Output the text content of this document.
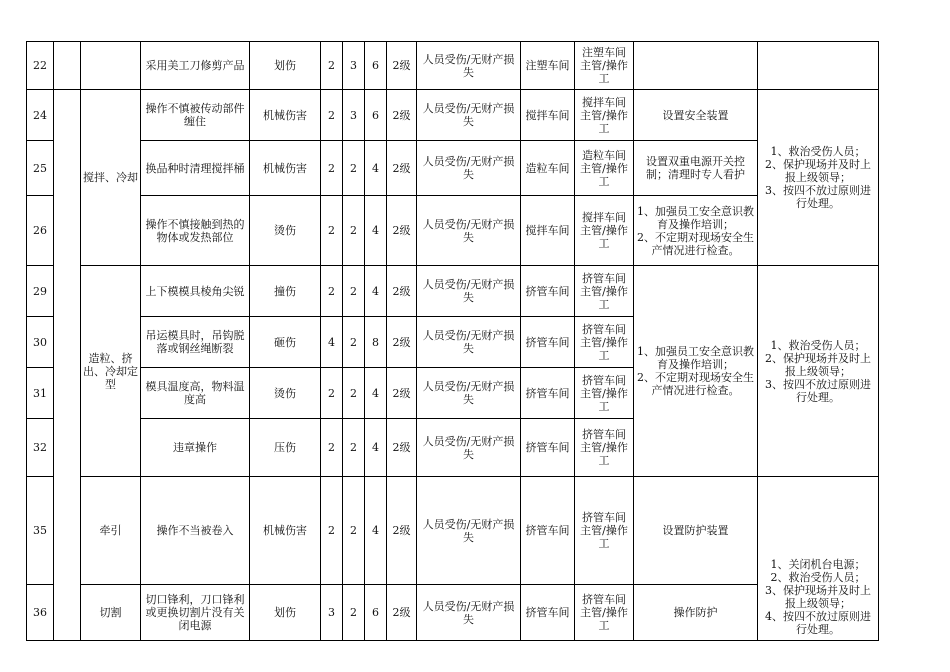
22			采用美工刀修剪产品	划伤	2	3	6	2级	人员受伤/无财产损失	注塑车间	注塑车间主管/操作工		
24		搅拌、冷却	操作不慎被传动部件缠住	机械伤害	2	3	6	2级	人员受伤/无财产损失	搅拌车间	搅拌车间主管/操作工	设置安全装置	1、救治受伤人员；
2、保护现场并及时上报上级领导；
3、按四不放过原则进行处理。
25			换品种时清理搅拌桶	机械伤害	2	2	4	2级	人员受伤/无财产损失	造粒车间	造粒车间主管/操作工	设置双重电源开关控制；清理时专人看护	
26			操作不慎接触到热的物体或发热部位	烫伤	2	2	4	2级	人员受伤/无财产损失	搅拌车间	搅拌车间主管/操作工	1、加强员工安全意识教育及操作培训；
2、不定期对现场安全生产情况进行检查。	
29		造粒、挤出、冷却定型	上下模模具棱角尖锐	撞伤	2	2	4	2级	人员受伤/无财产损失	挤管车间	挤管车间主管/操作工	1、加强员工安全意识教育及操作培训；
2、不定期对现场安全生产情况进行检查。	1、救治受伤人员；
2、保护现场并及时上报上级领导；
3、按四不放过原则进行处理。
30			吊运模具时，吊钩脱落或钢丝绳断裂	砸伤	4	2	8	2级	人员受伤/无财产损失	挤管车间	挤管车间主管/操作工		
31			模具温度高，物料温度高	烫伤	2	2	4	2级	人员受伤/无财产损失	挤管车间	挤管车间主管/操作工		
32			违章操作	压伤	2	2	4	2级	人员受伤/无财产损失	挤管车间	挤管车间主管/操作工		
35		牵引	操作不当被卷入	机械伤害	2	2	4	2级	人员受伤/无财产损失	挤管车间	挤管车间主管/操作工	设置防护装置	1、关闭机台电源；
2、救治受伤人员；
3、保护现场并及时上报上级领导；
4、按四不放过原则进行处理。
36		切割	切口锋利，刀口锋利或更换切割片没有关闭电源	划伤	3	2	6	2级	人员受伤/无财产损失	挤管车间	挤管车间主管/操作工	操作防护	
